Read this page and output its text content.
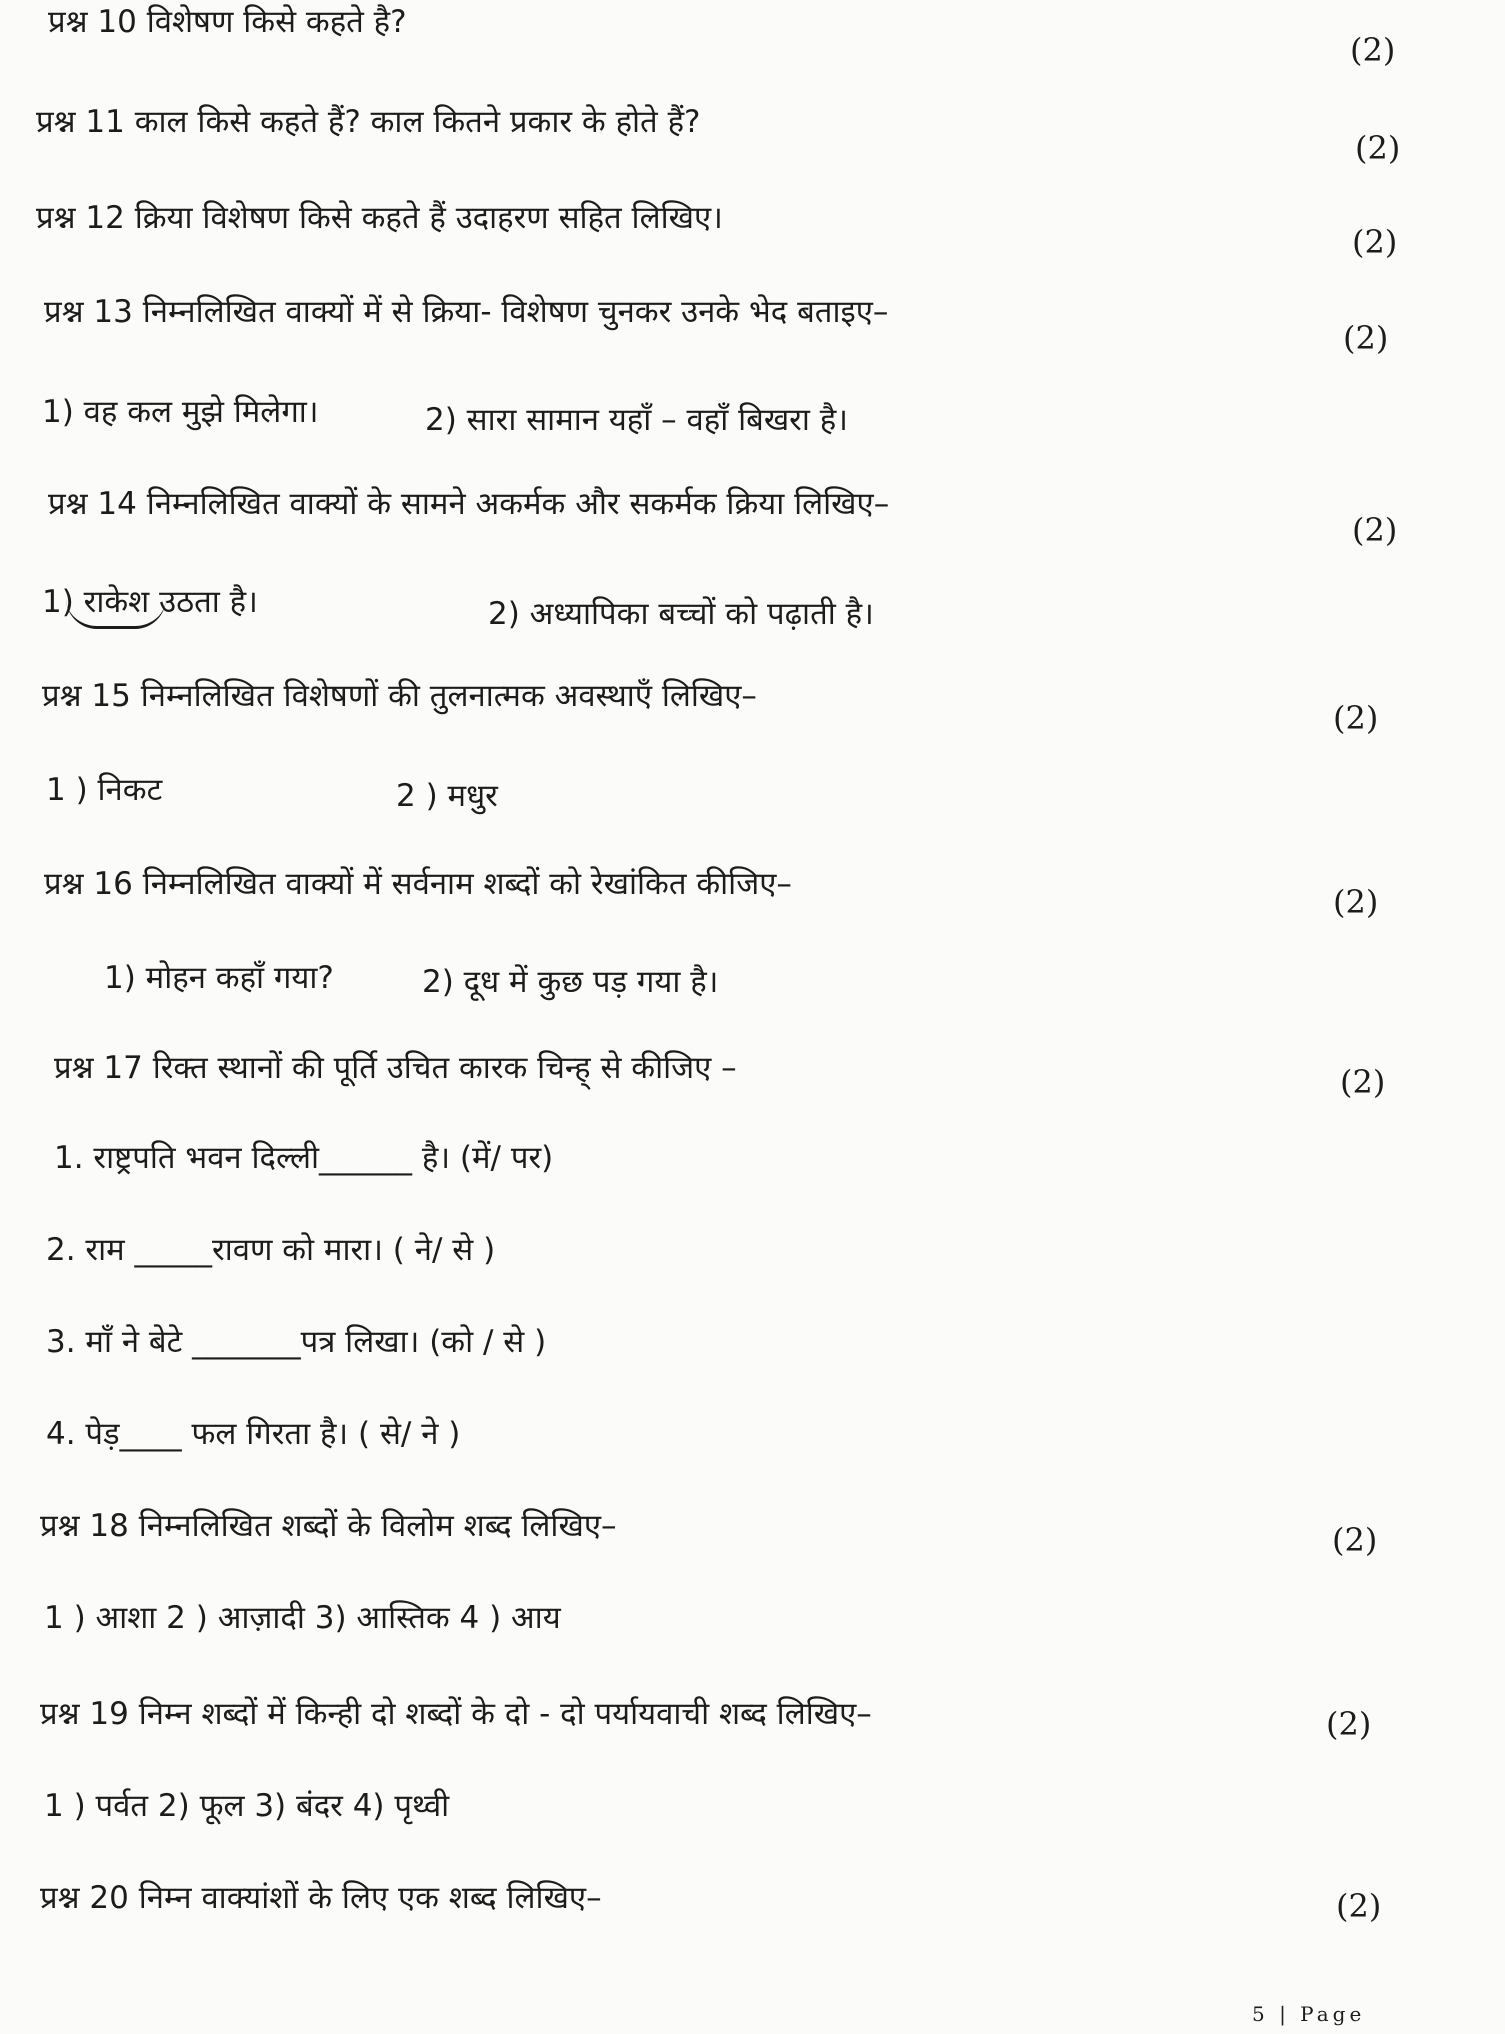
प्रश्न 10 विशेषण किसे कहते है?
(2)
प्रश्न 11 काल किसे कहते हैं? काल कितने प्रकार के होते हैं?
(2)
प्रश्न 12 क्रिया विशेषण किसे कहते हैं उदाहरण सहित लिखिए।
(2)
प्रश्न 13 निम्नलिखित वाक्यों में से क्रिया- विशेषण चुनकर उनके भेद बताइए–
(2)
1) वह कल मुझे मिलेगा।	2) सारा सामान यहाँ – वहाँ बिखरा है।
प्रश्न 14 निम्नलिखित वाक्यों के सामने अकर्मक और सकर्मक क्रिया लिखिए–
(2)
1) राकेश उठता है।	2) अध्यापिका बच्चों को पढ़ाती है।
प्रश्न 15 निम्नलिखित विशेषणों की तुलनात्मक अवस्थाएँ लिखिए–
(2)
1 ) निकट	2 ) मधुर
प्रश्न 16 निम्नलिखित वाक्यों में सर्वनाम शब्दों को रेखांकित कीजिए–	(2)
1) मोहन कहाँ गया?	2) दूध में कुछ पड़ गया है।
प्रश्न 17 रिक्त स्थानों की पूर्ति उचित कारक चिन्ह् से कीजिए –	(2)
1. राष्ट्रपति भवन दिल्ली______ है। (में/ पर)
2. राम _____रावण को मारा। ( ने/ से )
3. माँ ने बेटे _______पत्र लिखा। (को / से )
4. पेड़____ फल गिरता है। ( से/ ने )
प्रश्न 18 निम्नलिखित शब्दों के विलोम शब्द लिखिए–	(2)
1 ) आशा 2 ) आज़ादी 3) आस्तिक 4 ) आय
प्रश्न 19 निम्न शब्दों में किन्ही दो शब्दों के दो - दो पर्यायवाची शब्द लिखिए–	(2)
1 ) पर्वत 2) फूल 3) बंदर 4) पृथ्वी
प्रश्न 20 निम्न वाक्यांशों के लिए एक शब्द लिखिए–	(2)
5 | Page
